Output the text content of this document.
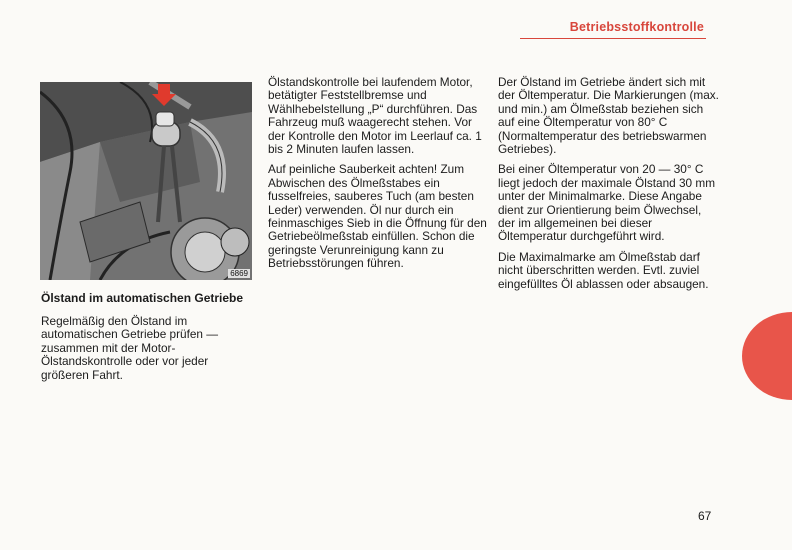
Betriebsstoffkontrolle
6869
Ölstand im automatischen Getriebe

Regelmäßig den Ölstand im automatischen Getriebe prüfen — zusammen mit der Motor-Ölstandskontrolle oder vor jeder größeren Fahrt.

Ölstandskontrolle bei laufendem Motor, betätigter Feststellbremse und Wählhebelstellung „P“ durchführen. Das Fahrzeug muß waagerecht stehen. Vor der Kontrolle den Motor im Leerlauf ca. 1 bis 2 Minuten laufen lassen.

Auf peinliche Sauberkeit achten! Zum Abwischen des Ölmeßstabes ein fusselfreies, sauberes Tuch (am besten Leder) verwenden. Öl nur durch ein feinmaschiges Sieb in die Öffnung für den Getriebeölmeßstab einfüllen. Schon die geringste Verunreinigung kann zu Betriebsstörungen führen.

Der Ölstand im Getriebe ändert sich mit der Öltemperatur. Die Markierungen (max. und min.) am Ölmeßstab beziehen sich auf eine Öltemperatur von 80° C (Normaltemperatur des betriebswarmen Getriebes).

Bei einer Öltemperatur von 20 — 30° C liegt jedoch der maximale Ölstand 30 mm unter der Minimalmarke. Diese Angabe dient zur Orientierung beim Ölwechsel, der im allgemeinen bei dieser Öltemperatur durchgeführt wird.

Die Maximalmarke am Ölmeßstab darf nicht überschritten werden. Evtl. zuviel eingefülltes Öl ablassen oder absaugen.

67
